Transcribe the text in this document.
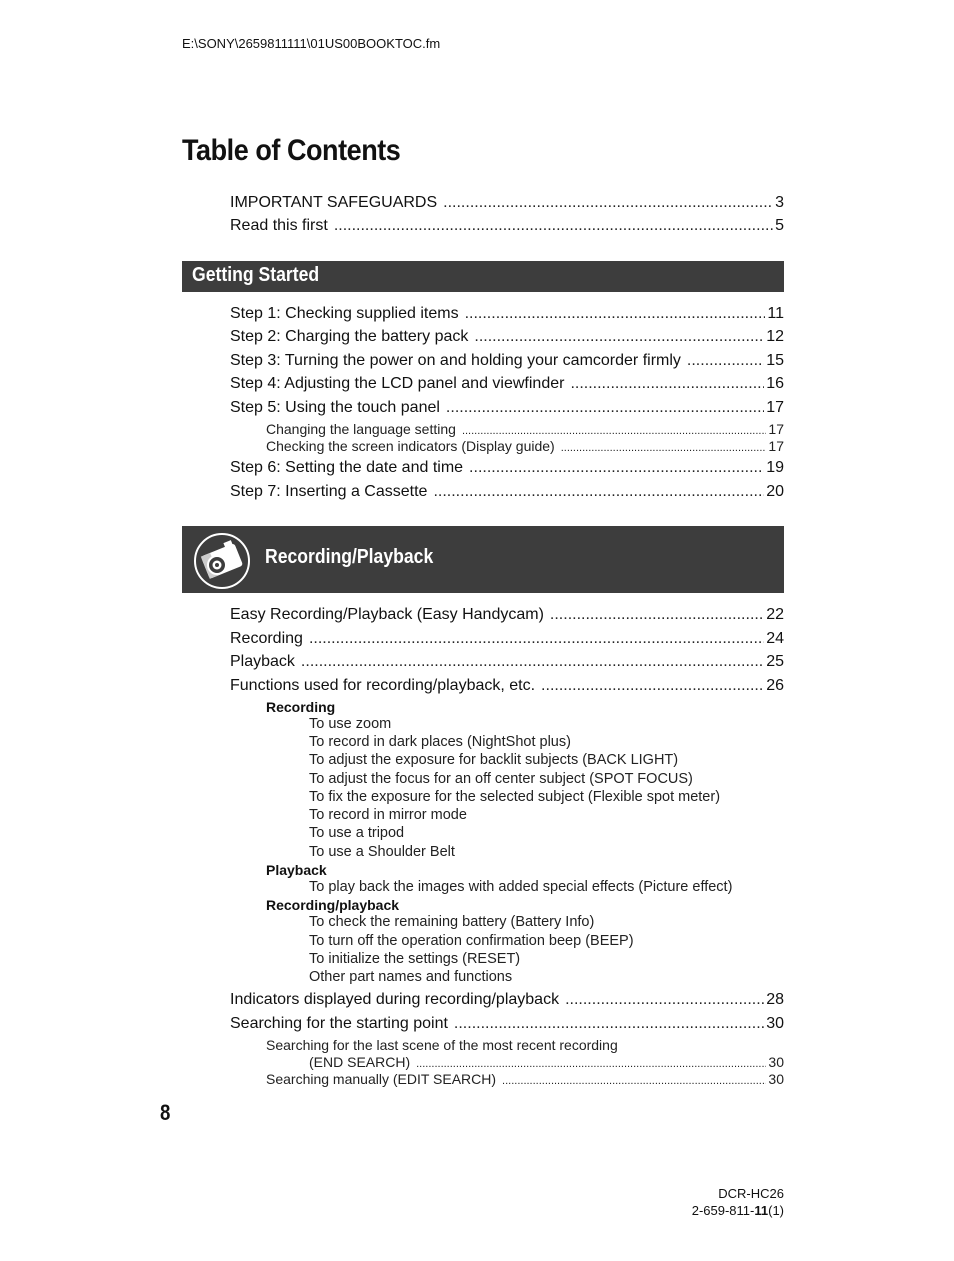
E:\SONY\2659811111\01US00BOOKTOC.fm
Table of Contents
IMPORTANT SAFEGUARDS .....	3
Read this first .....	5
Getting Started
Step 1: Checking supplied items .....	11
Step 2: Charging the battery pack .....	12
Step 3: Turning the power on and holding your camcorder firmly .....	15
Step 4: Adjusting the LCD panel and viewfinder .....	16
Step 5: Using the touch panel .....	17
Changing the language setting .....	17
Checking the screen indicators (Display guide) .....	17
Step 6: Setting the date and time .....	19
Step 7: Inserting a Cassette .....	20
Recording/Playback
Easy Recording/Playback (Easy Handycam) .....	22
Recording .....	24
Playback .....	25
Functions used for recording/playback, etc. .....	26
Recording
To use zoom
To record in dark places (NightShot plus)
To adjust the exposure for backlit subjects (BACK LIGHT)
To adjust the focus for an off center subject (SPOT FOCUS)
To fix the exposure for the selected subject (Flexible spot meter)
To record in mirror mode
To use a tripod
To use a Shoulder Belt
Playback
To play back the images with added special effects (Picture effect)
Recording/playback
To check the remaining battery (Battery Info)
To turn off the operation confirmation beep (BEEP)
To initialize the settings (RESET)
Other part names and functions
Indicators displayed during recording/playback .....	28
Searching for the starting point .....	30
Searching for the last scene of the most recent recording
(END SEARCH) .....	30
Searching manually (EDIT SEARCH) .....	30
8
DCR-HC26
2-659-811-11(1)
